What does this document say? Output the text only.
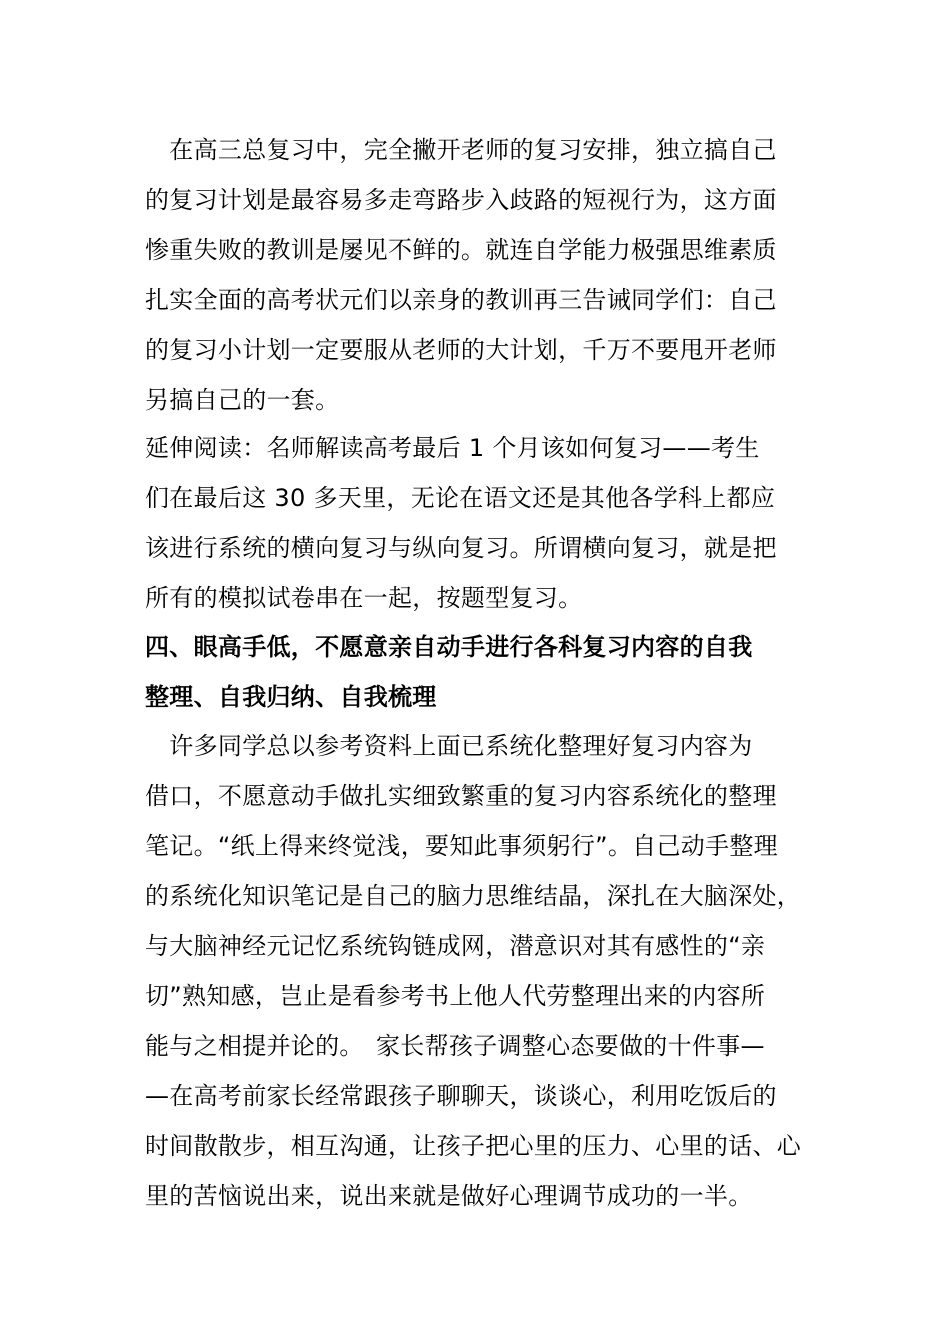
　在高三总复习中，完全撇开老师的复习安排，独立搞自己
的复习计划是最容易多走弯路步入歧路的短视行为，这方面
惨重失败的教训是屡见不鲜的。就连自学能力极强思维素质
扎实全面的高考状元们以亲身的教训再三告诫同学们：自己
的复习小计划一定要服从老师的大计划，千万不要甩开老师
另搞自己的一套。
延伸阅读：名师解读高考最后 1 个月该如何复习——考生
们在最后这 30 多天里，无论在语文还是其他各学科上都应
该进行系统的横向复习与纵向复习。所谓横向复习，就是把
所有的模拟试卷串在一起，按题型复习。
四、眼高手低，不愿意亲自动手进行各科复习内容的自我
整理、自我归纳、自我梳理
　许多同学总以参考资料上面已系统化整理好复习内容为
借口，不愿意动手做扎实细致繁重的复习内容系统化的整理
笔记。“纸上得来终觉浅，要知此事须躬行”。自己动手整理
的系统化知识笔记是自己的脑力思维结晶，深扎在大脑深处，
与大脑神经元记忆系统钩链成网，潜意识对其有感性的“亲
切”熟知感，岂止是看参考书上他人代劳整理出来的内容所
能与之相提并论的。　家长帮孩子调整心态要做的十件事—
—在高考前家长经常跟孩子聊聊天，谈谈心，利用吃饭后的
时间散散步，相互沟通，让孩子把心里的压力、心里的话、心
里的苦恼说出来，说出来就是做好心理调节成功的一半。
